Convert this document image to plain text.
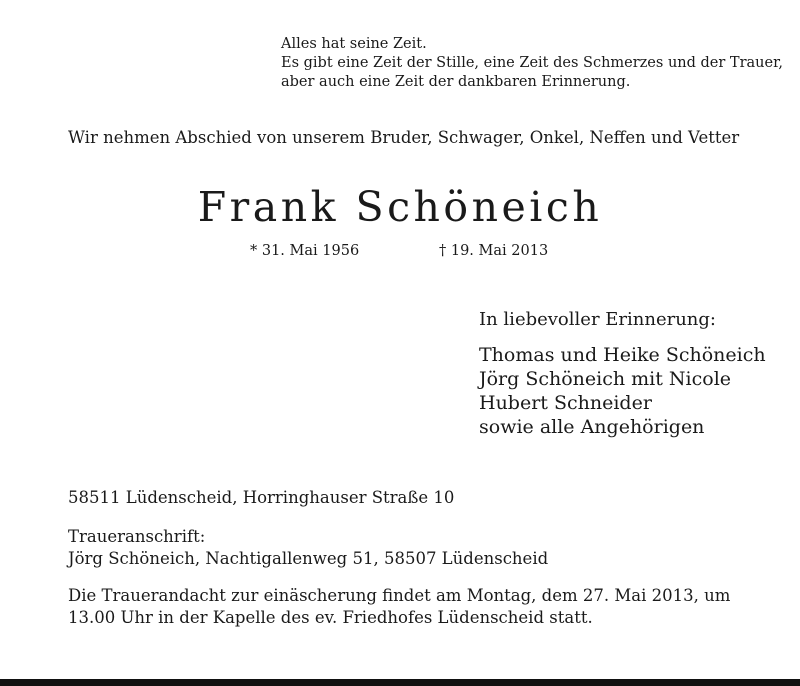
Alles hat seine Zeit.
Es gibt eine Zeit der Stille, eine Zeit des Schmerzes und der Trauer,
aber auch eine Zeit der dankbaren Erinnerung.
Wir nehmen Abschied von unserem Bruder, Schwager, Onkel, Neffen und Vetter
Frank Schöneich
* 31. Mai 1956	† 19. Mai 2013
In liebevoller Erinnerung:
Thomas und Heike Schöneich
Jörg Schöneich mit Nicole
Hubert Schneider
sowie alle Angehörigen
58511 Lüdenscheid, Horringhauser Straße 10
Traueranschrift:
Jörg Schöneich, Nachtigallenweg 51, 58507 Lüdenscheid
Die Trauerandacht zur einäscherung findet am Montag, dem 27. Mai 2013, um
13.00 Uhr in der Kapelle des ev. Friedhofes Lüdenscheid statt.
